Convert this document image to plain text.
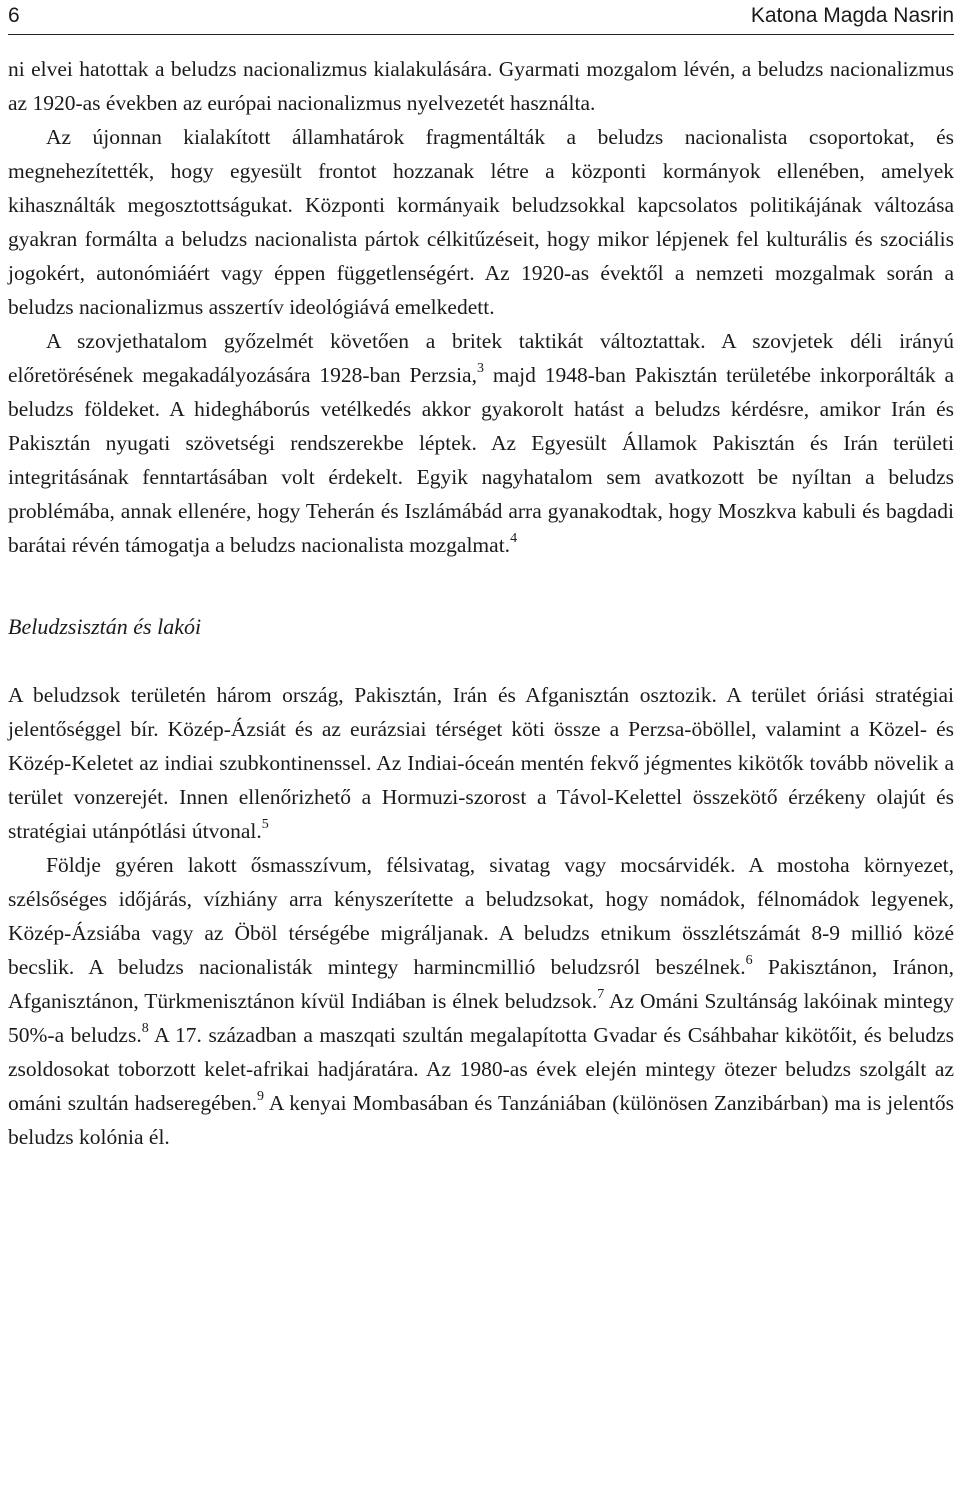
6	Katona Magda Nasrin

ni elvei hatottak a beludzs nacionalizmus kialakulására. Gyarmati mozgalom lévén, a beludzs nacionalizmus az 1920-as években az európai nacionalizmus nyelvezetét használta.

Az újonnan kialakított államhatárok fragmentálták a beludzs nacionalista csoportokat, és megnehezítették, hogy egyesült frontot hozzanak létre a központi kormányok ellenében, amelyek kihasználták megosztottságukat. Központi kormányaik beludzsokkal kapcsolatos politikájának változása gyakran formálta a beludzs nacionalista pártok célkitűzéseit, hogy mikor lépjenek fel kulturális és szociális jogokért, autonómiáért vagy éppen függetlenségért. Az 1920-as évektől a nemzeti mozgalmak során a beludzs nacionalizmus asszertív ideológiává emelkedett.

A szovjethatalom győzelmét követően a britek taktikát változtattak. A szovjetek déli irányú előretörésének megakadályozására 1928-ban Perzsia,$^3$ majd 1948-ban Pakisztán területébe inkorporálták a beludzs földeket. A hidegháborús vetélkedés akkor gyakorolt hatást a beludzs kérdésre, amikor Irán és Pakisztán nyugati szövetségi rendszerekbe léptek. Az Egyesült Államok Pakisztán és Irán területi integritásának fenntartásában volt érdekelt. Egyik nagyhatalom sem avatkozott be nyíltan a beludzs problémába, annak ellenére, hogy Teherán és Iszlámábád arra gyanakodtak, hogy Moszkva kabuli és bagdadi barátai révén támogatja a beludzs nacionalista mozgalmat.$^4$

Beludzsisztán és lakói

A beludzsok területén három ország, Pakisztán, Irán és Afganisztán osztozik. A terület óriási stratégiai jelentőséggel bír. Közép-Ázsiát és az eurázsiai térséget köti össze a Perzsa-öböllel, valamint a Közel- és Közép-Keletet az indiai szubkontinenssel. Az Indiai-óceán mentén fekvő jégmentes kikötők tovább növelik a terület vonzerejét. Innen ellenőrizhető a Hormuzi-szorost a Távol-Kelettel összekötő érzékeny olajút és stratégiai utánpótlási útvonal.$^5$

Földje gyéren lakott ősmasszívum, félsivatag, sivatag vagy mocsárvidék. A mostoha környezet, szélsőséges időjárás, vízhiány arra kényszerítette a beludzsokat, hogy nomádok, félnomádok legyenek, Közép-Ázsiába vagy az Öböl térségébe migráljanak. A beludzs etnikum összlétszámát 8-9 millió közé becslik. A beludzs nacionalisták mintegy harmincmillió beludzsról beszélnek.$^6$ Pakisztánon, Iránon, Afganisztánon, Türkmenisztánon kívül Indiában is élnek beludzsok.$^7$ Az Ománi Szultánság lakóinak mintegy 50%-a beludzs.$^8$ A 17. században a maszqati szultán megalapította Gvadar és Csáhbahar kikötőit, és beludzs zsoldosokat toborzott kelet-afrikai hadjáratára. Az 1980-as évek elején mintegy ötezer beludzs szolgált az ománi szultán hadseregében.$^9$ A kenyai Mombasában és Tanzániában (különösen Zanzibárban) ma is jelentős beludzs kolónia él.
